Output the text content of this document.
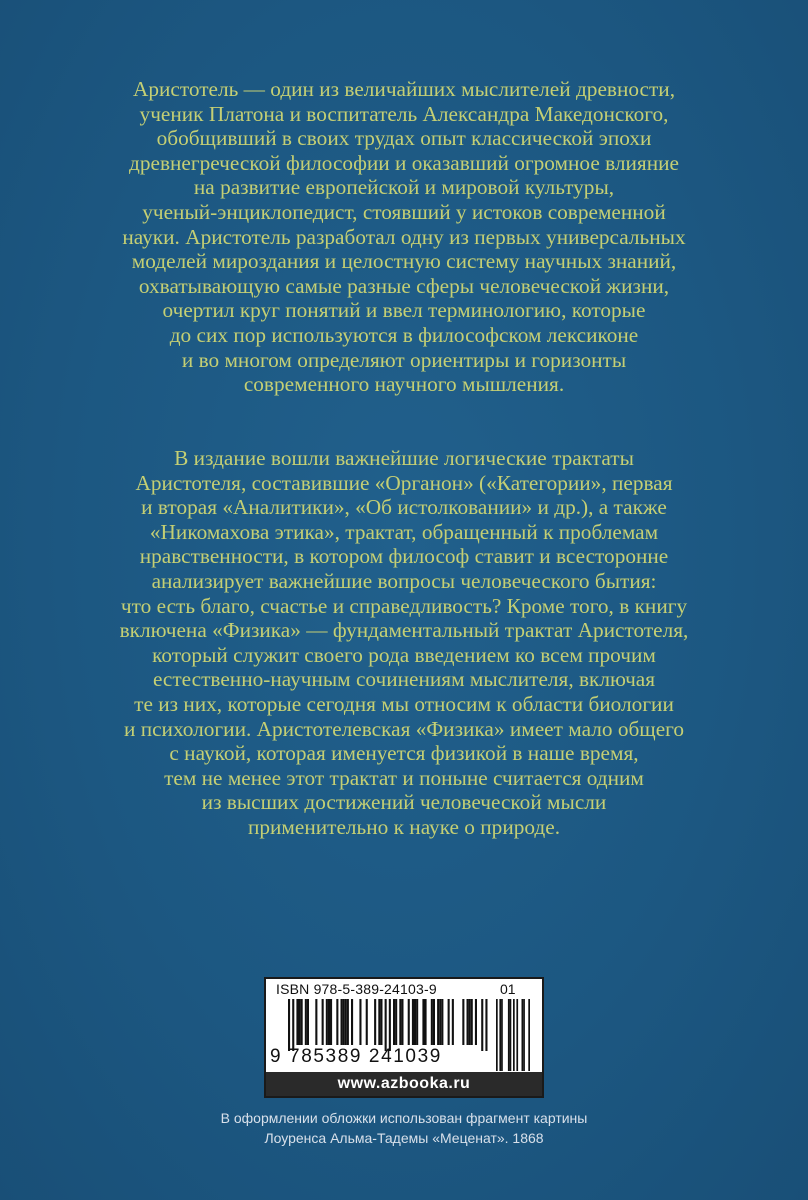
Аристотель — один из величайших мыслителей древности,
ученик Платона и воспитатель Александра Македонского,
обобщивший в своих трудах опыт классической эпохи
древнегреческой философии и оказавший огромное влияние
на развитие европейской и мировой культуры,
ученый-энциклопедист, стоявший у истоков современной
науки. Аристотель разработал одну из первых универсальных
моделей мироздания и целостную систему научных знаний,
охватывающую самые разные сферы человеческой жизни,
очертил круг понятий и ввел терминологию, которые
до сих пор используются в философском лексиконе
и во многом определяют ориентиры и горизонты
современного научного мышления.
В издание вошли важнейшие логические трактаты
Аристотеля, составившие «Органон» («Категории», первая
и вторая «Аналитики», «Об истолковании» и др.), а также
«Никомахова этика», трактат, обращенный к проблемам
нравственности, в котором философ ставит и всесторонне
анализирует важнейшие вопросы человеческого бытия:
что есть благо, счастье и справедливость? Кроме того, в книгу
включена «Физика» — фундаментальный трактат Аристотеля,
который служит своего рода введением ко всем прочим
естественно-научным сочинениям мыслителя, включая
те из них, которые сегодня мы относим к области биологии
и психологии. Аристотелевская «Физика» имеет мало общего
с наукой, которая именуется физикой в наше время,
тем не менее этот трактат и поныне считается одним
из высших достижений человеческой мысли
применительно к науке о природе.
ISBN 978-5-389-24103-9	01
9 785389 241039
www.azbooka.ru
В оформлении обложки использован фрагмент картины
Лоуренса Альма-Тадемы «Меценат». 1868
